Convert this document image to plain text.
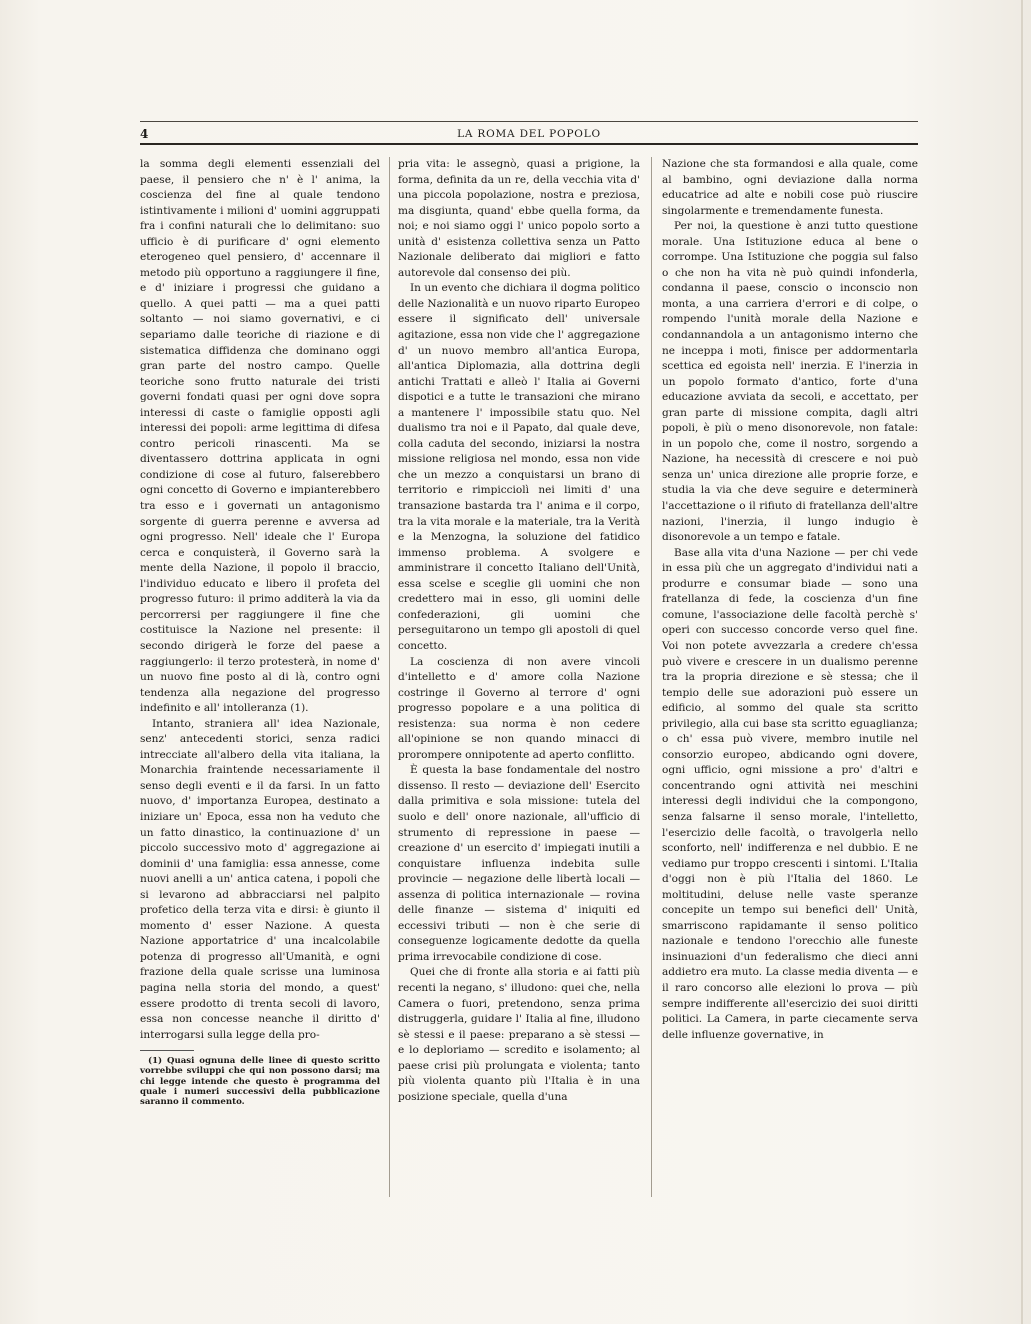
4	LA ROMA DEL POPOLO

la somma degli elementi essenziali del paese, il pensiero che n' è l' anima, la coscienza del fine al quale tendono istintivamente i milioni d' uomini aggruppati fra i confini naturali che lo delimitano: suo ufficio è di purificare d' ogni elemento eterogeneo quel pensiero, d' accennare il metodo più opportuno a raggiungere il fine, e d' iniziare i progressi che guidano a quello. A quei patti — ma a quei patti soltanto — noi siamo governativi, e ci separiamo dalle teoriche di riazione e di sistematica diffidenza che dominano oggi gran parte del nostro campo. Quelle teoriche sono frutto naturale dei tristi governi fondati quasi per ogni dove sopra interessi di caste o famiglie opposti agli interessi dei popoli: arme legittima di difesa contro pericoli rinascenti. Ma se diventassero dottrina applicata in ogni condizione di cose al futuro, falserebbero ogni concetto di Governo e impianterebbero tra esso e i governati un antagonismo sorgente di guerra perenne e avversa ad ogni progresso. Nell' ideale che l' Europa cerca e conquisterà, il Governo sarà la mente della Nazione, il popolo il braccio, l'individuo educato e libero il profeta del progresso futuro: il primo additerà la via da percorrersi per raggiungere il fine che costituisce la Nazione nel presente: il secondo dirigerà le forze del paese a raggiungerlo: il terzo protesterà, in nome d' un nuovo fine posto al di là, contro ogni tendenza alla negazione del progresso indefinito e all' intolleranza (1).

Intanto, straniera all' idea Nazionale, senz' antecedenti storici, senza radici intrecciate all'albero della vita italiana, la Monarchia fraintende necessariamente il senso degli eventi e il da farsi. In un fatto nuovo, d' importanza Europea, destinato a iniziare un' Epoca, essa non ha veduto che un fatto dinastico, la continuazione d' un piccolo successivo moto d' aggregazione ai dominii d' una famiglia: essa annesse, come nuovi anelli a un' antica catena, i popoli che si levarono ad abbracciarsi nel palpito profetico della terza vita e dirsi: è giunto il momento d' esser Nazione. A questa Nazione apportatrice d' una incalcolabile potenza di progresso all'Umanità, e ogni frazione della quale scrisse una luminosa pagina nella storia del mondo, a quest' essere prodotto di trenta secoli di lavoro, essa non concesse neanche il diritto d' interrogarsi sulla legge della pro-

(1) Quasi ognuna delle linee di questo scritto vorrebbe sviluppi che qui non possono darsi; ma chi legge intende che questo è programma del quale i numeri successivi della pubblicazione saranno il commento.

pria vita: le assegnò, quasi a prigione, la forma, definita da un re, della vecchia vita d' una piccola popolazione, nostra e preziosa, ma disgiunta, quand' ebbe quella forma, da noi; e noi siamo oggi l' unico popolo sorto a unità d' esistenza collettiva senza un Patto Nazionale deliberato dai migliori e fatto autorevole dal consenso dei più.

In un evento che dichiara il dogma politico delle Nazionalità e un nuovo riparto Europeo essere il significato dell' universale agitazione, essa non vide che l' aggregazione d' un nuovo membro all'antica Europa, all'antica Diplomazia, alla dottrina degli antichi Trattati e alleò l' Italia ai Governi dispotici e a tutte le transazioni che mirano a mantenere l' impossibile statu quo. Nel dualismo tra noi e il Papato, dal quale deve, colla caduta del secondo, iniziarsi la nostra missione religiosa nel mondo, essa non vide che un mezzo a conquistarsi un brano di territorio e rimpicciolì nei limiti d' una transazione bastarda tra l' anima e il corpo, tra la vita morale e la materiale, tra la Verità e la Menzogna, la soluzione del fatidico immenso problema. A svolgere e amministrare il concetto Italiano dell'Unità, essa scelse e sceglie gli uomini che non credettero mai in esso, gli uomini delle confederazioni, gli uomini che perseguitarono un tempo gli apostoli di quel concetto.

La coscienza di non avere vincoli d'intelletto e d' amore colla Nazione costringe il Governo al terrore d' ogni progresso popolare e a una politica di resistenza: sua norma è non cedere all'opinione se non quando minacci di prorompere onnipotente ad aperto conflitto.

È questa la base fondamentale del nostro dissenso. Il resto — deviazione dell' Esercito dalla primitiva e sola missione: tutela del suolo e dell' onore nazionale, all'ufficio di strumento di repressione in paese — creazione d' un esercito d' impiegati inutili a conquistare influenza indebita sulle provincie — negazione delle libertà locali — assenza di politica internazionale — rovina delle finanze — sistema d' iniquiti ed eccessivi tributi — non è che serie di conseguenze logicamente dedotte da quella prima irrevocabile condizione di cose.

Quei che di fronte alla storia e ai fatti più recenti la negano, s' illudono: quei che, nella Camera o fuori, pretendono, senza prima distruggerla, guidare l' Italia al fine, illudono sè stessi e il paese: preparano a sè stessi — e lo deploriamo — scredito e isolamento; al paese crisi più prolungata e violenta; tanto più violenta quanto più l'Italia è in una posizione speciale, quella d'una

Nazione che sta formandosi e alla quale, come al bambino, ogni deviazione dalla norma educatrice ad alte e nobili cose può riuscire singolarmente e tremendamente funesta.

Per noi, la questione è anzi tutto questione morale. Una Istituzione educa al bene o corrompe. Una Istituzione che poggia sul falso o che non ha vita nè può quindi infonderla, condanna il paese, conscio o inconscio non monta, a una carriera d'errori e di colpe, o rompendo l'unità morale della Nazione e condannandola a un antagonismo interno che ne inceppa i moti, finisce per addormentarla scettica ed egoista nell' inerzia. E l'inerzia in un popolo formato d'antico, forte d'una educazione avviata da secoli, e accettato, per gran parte di missione compita, dagli altri popoli, è più o meno disonorevole, non fatale: in un popolo che, come il nostro, sorgendo a Nazione, ha necessità di crescere e noi può senza un' unica direzione alle proprie forze, e studia la via che deve seguire e determinerà l'accettazione o il rifiuto di fratellanza dell'altre nazioni, l'inerzia, il lungo indugio è disonorevole a un tempo e fatale.

Base alla vita d'una Nazione — per chi vede in essa più che un aggregato d'individui nati a produrre e consumar biade — sono una fratellanza di fede, la coscienza d'un fine comune, l'associazione delle facoltà perchè s' operi con successo concorde verso quel fine. Voi non potete avvezzarla a credere ch'essa può vivere e crescere in un dualismo perenne tra la propria direzione e sè stessa; che il tempio delle sue adorazioni può essere un edificio, al sommo del quale sta scritto privilegio, alla cui base sta scritto eguaglianza; o ch' essa può vivere, membro inutile nel consorzio europeo, abdicando ogni dovere, ogni ufficio, ogni missione a pro' d'altri e concentrando ogni attività nei meschini interessi degli individui che la compongono, senza falsarne il senso morale, l'intelletto, l'esercizio delle facoltà, o travolgerla nello sconforto, nell' indifferenza e nel dubbio. E ne vediamo pur troppo crescenti i sintomi. L'Italia d'oggi non è più l'Italia del 1860. Le moltitudini, deluse nelle vaste speranze concepite un tempo sui benefici dell' Unità, smarriscono rapidamante il senso politico nazionale e tendono l'orecchio alle funeste insinuazioni d'un federalismo che dieci anni addietro era muto. La classe media diventa — e il raro concorso alle elezioni lo prova — più sempre indifferente all'esercizio dei suoi diritti politici. La Camera, in parte ciecamente serva delle influenze governative, in
